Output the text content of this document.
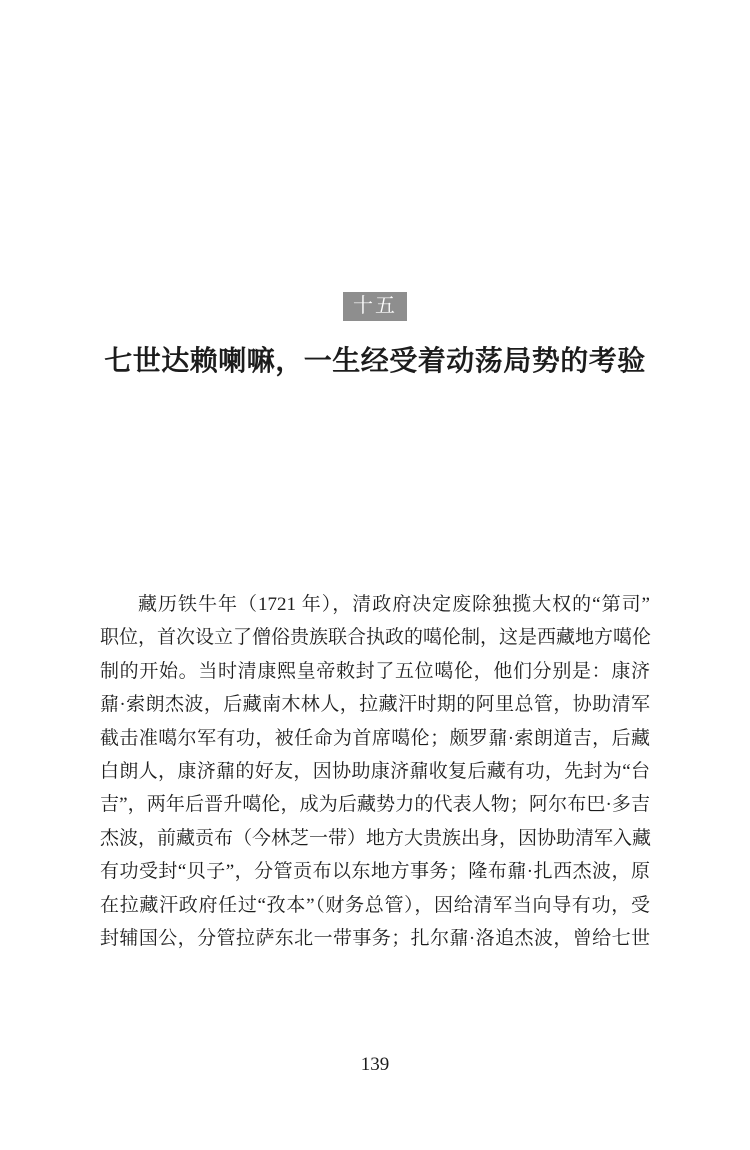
十五
七世达赖喇嘛，一生经受着动荡局势的考验
藏历铁牛年（1721 年），清政府决定废除独揽大权的“第司”
职位，首次设立了僧俗贵族联合执政的噶伦制，这是西藏地方噶伦
制的开始。当时清康熙皇帝敕封了五位噶伦，他们分别是：康济
鼐·索朗杰波，后藏南木林人，拉藏汗时期的阿里总管，协助清军
截击准噶尔军有功，被任命为首席噶伦；颇罗鼐·索朗道吉，后藏
白朗人，康济鼐的好友，因协助康济鼐收复后藏有功，先封为“台
吉”，两年后晋升噶伦，成为后藏势力的代表人物；阿尔布巴·多吉
杰波，前藏贡布（今林芝一带）地方大贵族出身，因协助清军入藏
有功受封“贝子”，分管贡布以东地方事务；隆布鼐·扎西杰波，原
在拉藏汗政府任过“孜本”（财务总管），因给清军当向导有功，受
封辅国公，分管拉萨东北一带事务；扎尔鼐·洛追杰波，曾给七世
139
